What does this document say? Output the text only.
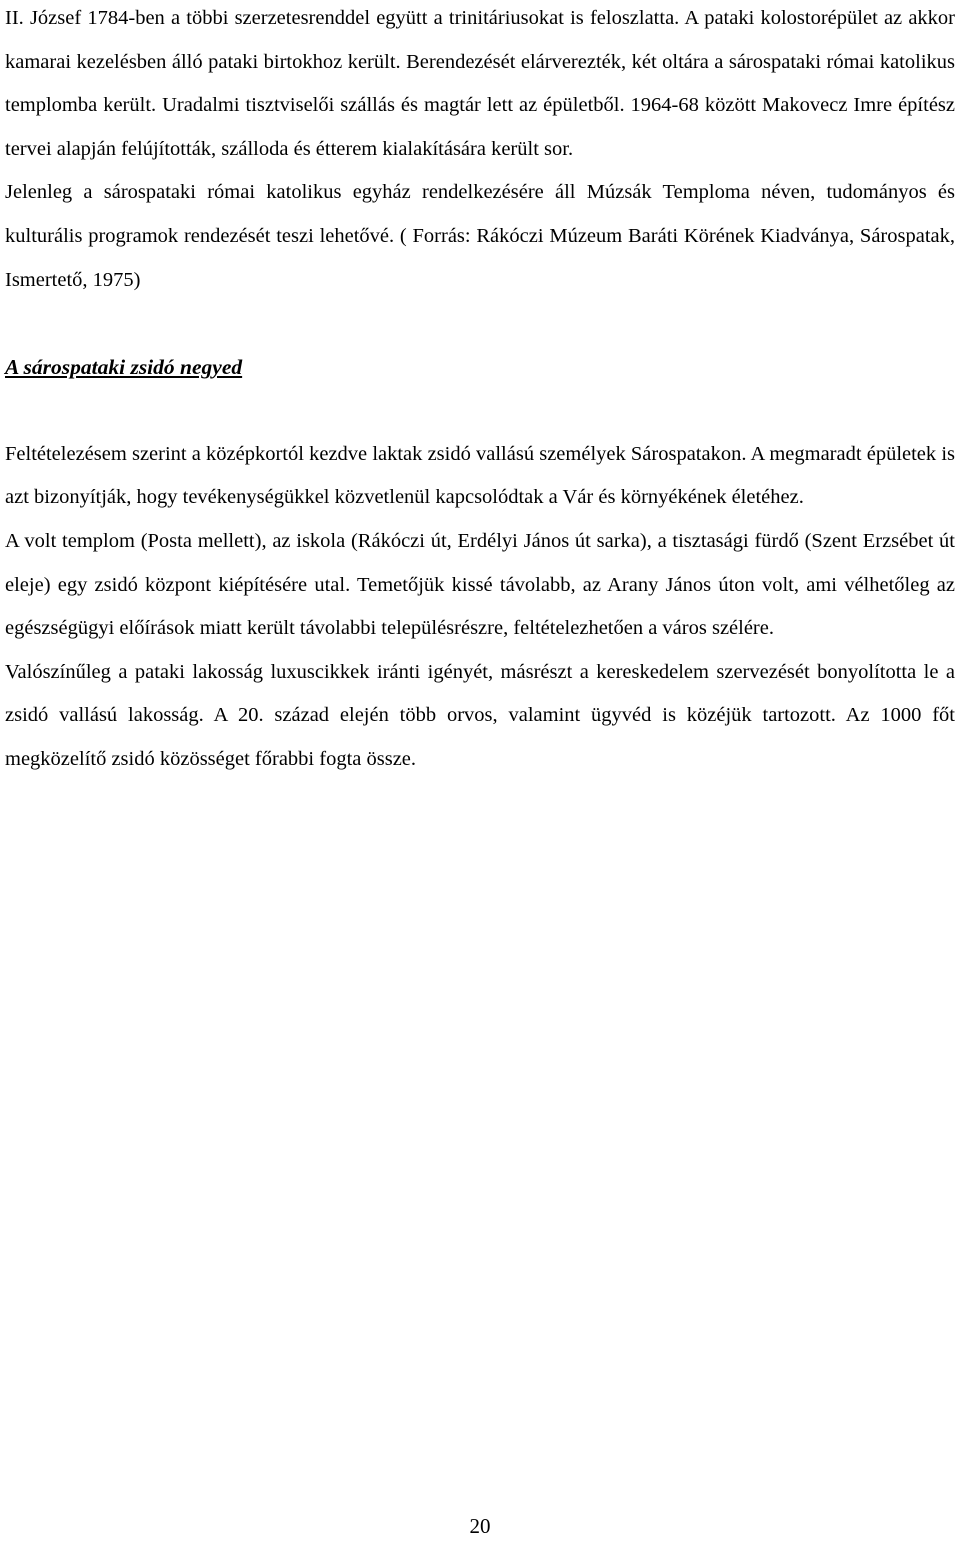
II. József 1784-ben a többi szerzetesrenddel együtt a trinitáriusokat is feloszlatta. A pataki kolostorépület az akkor kamarai kezelésben álló pataki birtokhoz került. Berendezését elárverezték, két oltára a sárospataki római katolikus templomba került. Uradalmi tisztviselői szállás és magtár lett az épületből. 1964-68 között Makovecz Imre építész tervei alapján felújították, szálloda és étterem kialakítására került sor.

Jelenleg a sárospataki római katolikus egyház rendelkezésére áll Múzsák Temploma néven, tudományos és kulturális programok rendezését teszi lehetővé. ( Forrás: Rákóczi Múzeum Baráti Körének Kiadványa, Sárospatak, Ismertető, 1975)

A sárospataki zsidó negyed

Feltételezésem szerint a középkortól kezdve laktak zsidó vallású személyek Sárospatakon. A megmaradt épületek is azt bizonyítják, hogy tevékenységükkel közvetlenül kapcsolódtak a Vár és környékének életéhez.

A volt templom (Posta mellett), az iskola (Rákóczi út, Erdélyi János út sarka), a tisztasági fürdő (Szent Erzsébet út eleje) egy zsidó központ kiépítésére utal. Temetőjük kissé távolabb, az Arany János úton volt, ami vélhetőleg az egészségügyi előírások miatt került távolabbi településrészre, feltételezhetően a város szélére.

Valószínűleg a pataki lakosság luxuscikkek iránti igényét, másrészt a kereskedelem szervezését bonyolította le a zsidó vallású lakosság. A 20. század elején több orvos, valamint ügyvéd is közéjük tartozott. Az 1000 főt megközelítő zsidó közösséget főrabbi fogta össze.

20
